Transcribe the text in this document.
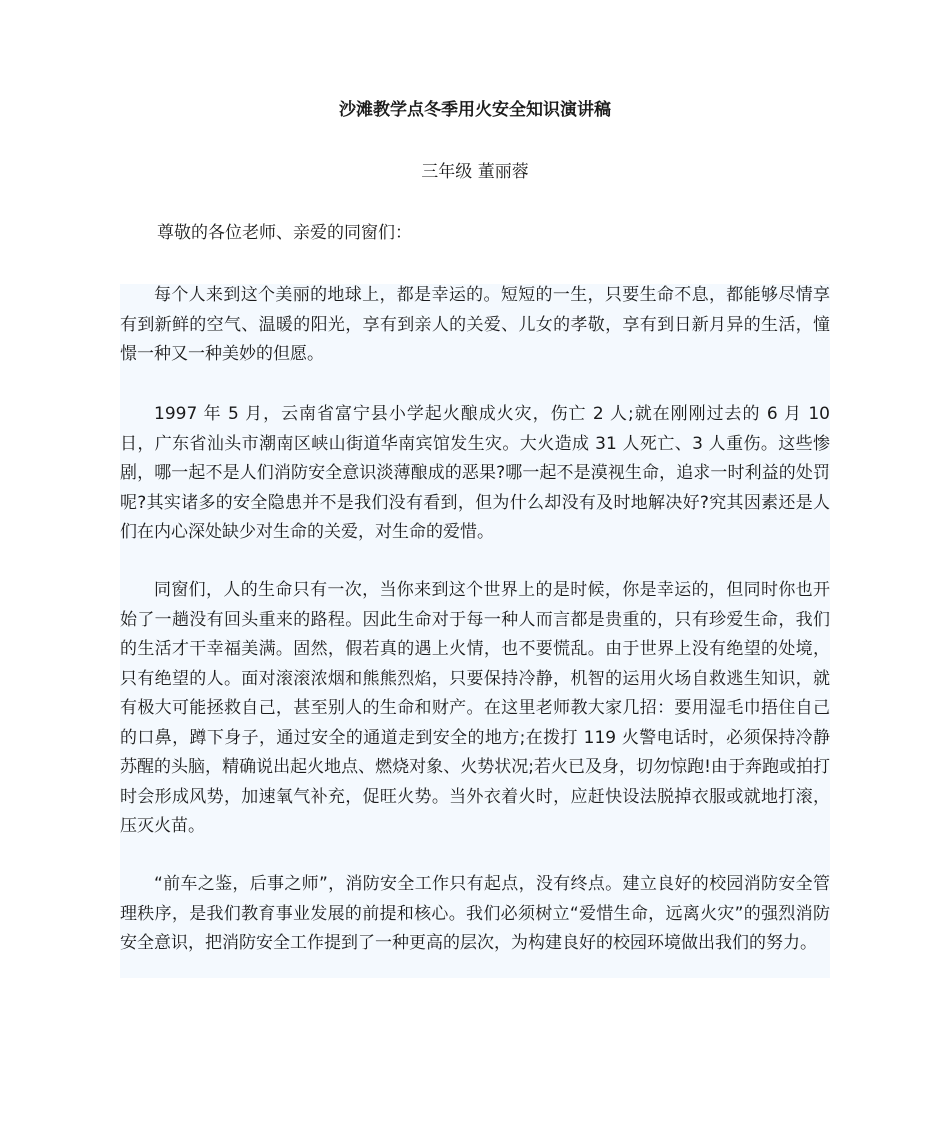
沙滩教学点冬季用火安全知识演讲稿
三年级 董丽蓉
尊敬的各位老师、亲爱的同窗们：

每个人来到这个美丽的地球上，都是幸运的。短短的一生，只要生命不息，都能够尽情享有到新鲜的空气、温暖的阳光，享有到亲人的关爱、儿女的孝敬，享有到日新月异的生活，憧憬一种又一种美妙的但愿。

1997 年 5 月，云南省富宁县小学起火酿成火灾，伤亡 2 人;就在刚刚过去的 6 月 10 日，广东省汕头市潮南区峡山街道华南宾馆发生灾。大火造成 31 人死亡、3 人重伤。这些惨剧，哪一起不是人们消防安全意识淡薄酿成的恶果?哪一起不是漠视生命，追求一时利益的处罚呢?其实诸多的安全隐患并不是我们没有看到，但为什么却没有及时地解决好?究其因素还是人们在内心深处缺少对生命的关爱，对生命的爱惜。

同窗们，人的生命只有一次，当你来到这个世界上的是时候，你是幸运的，但同时你也开始了一趟没有回头重来的路程。因此生命对于每一种人而言都是贵重的，只有珍爱生命，我们的生活才干幸福美满。固然，假若真的遇上火情，也不要慌乱。由于世界上没有绝望的处境，只有绝望的人。面对滚滚浓烟和熊熊烈焰，只要保持冷静，机智的运用火场自救逃生知识，就有极大可能拯救自己，甚至别人的生命和财产。在这里老师教大家几招：要用湿毛巾捂住自己的口鼻，蹲下身子，通过安全的通道走到安全的地方;在拨打 119 火警电话时，必须保持冷静苏醒的头脑，精确说出起火地点、燃烧对象、火势状况;若火已及身，切勿惊跑!由于奔跑或拍打时会形成风势，加速氧气补充，促旺火势。当外衣着火时，应赶快设法脱掉衣服或就地打滚，压灭火苗。

“前车之鉴，后事之师”，消防安全工作只有起点，没有终点。建立良好的校园消防安全管理秩序，是我们教育事业发展的前提和核心。我们必须树立“爱惜生命，远离火灾”的强烈消防安全意识，把消防安全工作提到了一种更高的层次，为构建良好的校园环境做出我们的努力。
